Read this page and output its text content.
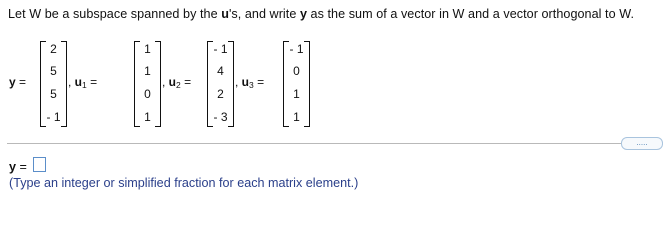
Let W be a subspace spanned by the u's, and write y as the sum of a vector in W and a vector orthogonal to W.
y =
2
5
5
- 1
, $u_1$ =
1
1
0
1
, $u_2$ =
- 1
4
2
- 3
, $u_3$ =
- 1
0
1
1
.....
y =
(Type an integer or simplified fraction for each matrix element.)
